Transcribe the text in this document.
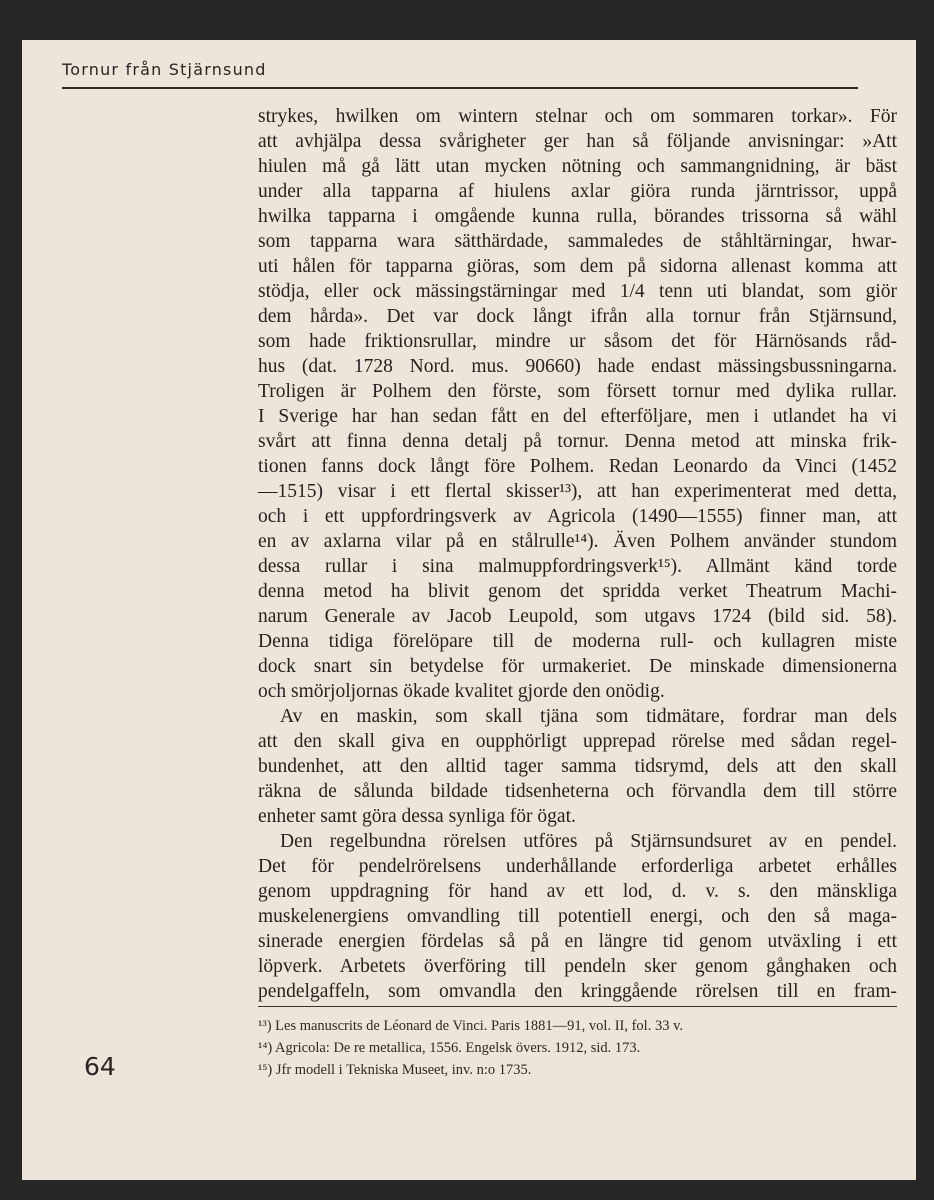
Tornur från Stjärnsund
strykes, hwilken om wintern stelnar och om sommaren torkar». För
att avhjälpa dessa svårigheter ger han så följande anvisningar: »Att
hiulen må gå lätt utan mycken nötning och sammangnidning, är bäst
under alla tapparna af hiulens axlar giöra runda järntrissor, uppå
hwilka tapparna i omgående kunna rulla, börandes trissorna så wähl
som tapparna wara sätthärdade, sammaledes de ståhltärningar, hwar-
uti hålen för tapparna giöras, som dem på sidorna allenast komma att
stödja, eller ock mässingstärningar med 1/4 tenn uti blandat, som giör
dem hårda». Det var dock långt ifrån alla tornur från Stjärnsund,
som hade friktionsrullar, mindre ur såsom det för Härnösands råd-
hus (dat. 1728 Nord. mus. 90660) hade endast mässingsbussningarna.
Troligen är Polhem den förste, som försett tornur med dylika rullar.
I Sverige har han sedan fått en del efterföljare, men i utlandet ha vi
svårt att finna denna detalj på tornur. Denna metod att minska frik-
tionen fanns dock långt före Polhem. Redan Leonardo da Vinci (1452
—1515) visar i ett flertal skisser¹³), att han experimenterat med detta,
och i ett uppfordringsverk av Agricola (1490—1555) finner man, att
en av axlarna vilar på en stålrulle¹⁴). Även Polhem använder stundom
dessa rullar i sina malmuppfordringsverk¹⁵). Allmänt känd torde
denna metod ha blivit genom det spridda verket Theatrum Machi-
narum Generale av Jacob Leupold, som utgavs 1724 (bild sid. 58).
Denna tidiga förelöpare till de moderna rull- och kullagren miste
dock snart sin betydelse för urmakeriet. De minskade dimensionerna
och smörjoljornas ökade kvalitet gjorde den onödig.
Av en maskin, som skall tjäna som tidmätare, fordrar man dels
att den skall giva en oupphörligt upprepad rörelse med sådan regel-
bundenhet, att den alltid tager samma tidsrymd, dels att den skall
räkna de sålunda bildade tidsenheterna och förvandla dem till större
enheter samt göra dessa synliga för ögat.
Den regelbundna rörelsen utföres på Stjärnsundsuret av en pendel.
Det för pendelrörelsens underhållande erforderliga arbetet erhålles
genom uppdragning för hand av ett lod, d. v. s. den mänskliga
muskelenergiens omvandling till potentiell energi, och den så maga-
sinerade energien fördelas så på en längre tid genom utväxling i ett
löpverk. Arbetets överföring till pendeln sker genom gånghaken och
pendelgaffeln, som omvandla den kringgående rörelsen till en fram-
¹³) Les manuscrits de Léonard de Vinci. Paris 1881—91, vol. II, fol. 33 v.
¹⁴) Agricola: De re metallica, 1556. Engelsk övers. 1912, sid. 173.
¹⁵) Jfr modell i Tekniska Museet, inv. n:o 1735.
64
